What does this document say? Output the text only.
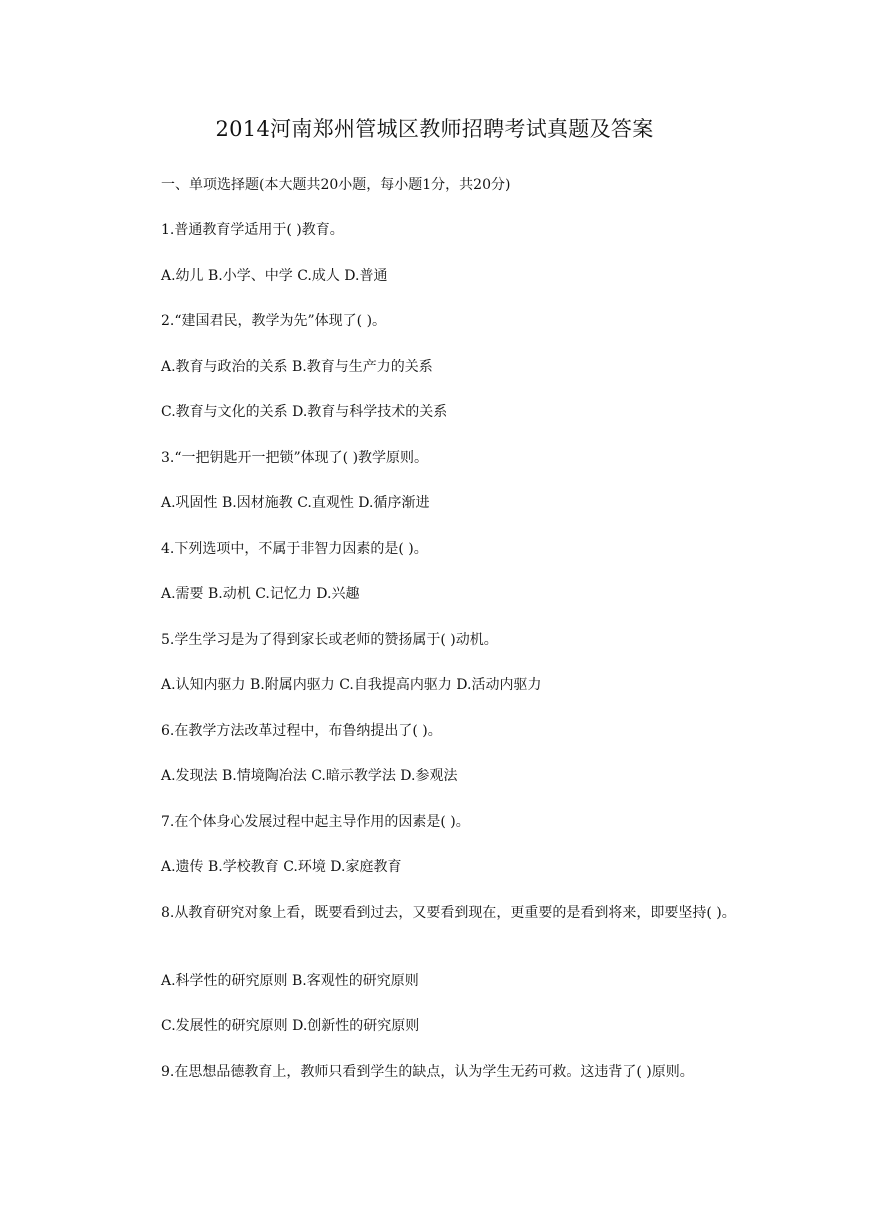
2014河南郑州管城区教师招聘考试真题及答案
一、单项选择题(本大题共20小题，每小题1分，共20分)
1.普通教育学适用于( )教育。
A.幼儿 B.小学、中学 C.成人 D.普通
2.“建国君民，教学为先”体现了( )。
A.教育与政治的关系 B.教育与生产力的关系
C.教育与文化的关系 D.教育与科学技术的关系
3.“一把钥匙开一把锁”体现了( )教学原则。
A.巩固性 B.因材施教 C.直观性 D.循序渐进
4.下列选项中，不属于非智力因素的是( )。
A.需要 B.动机 C.记忆力 D.兴趣
5.学生学习是为了得到家长或老师的赞扬属于( )动机。
A.认知内驱力 B.附属内驱力 C.自我提高内驱力 D.活动内驱力
6.在教学方法改革过程中，布鲁纳提出了( )。
A.发现法 B.情境陶冶法 C.暗示教学法 D.参观法
7.在个体身心发展过程中起主导作用的因素是( )。
A.遗传 B.学校教育 C.环境 D.家庭教育
8.从教育研究对象上看，既要看到过去，又要看到现在，更重要的是看到将来，即要坚持( )。
A.科学性的研究原则 B.客观性的研究原则
C.发展性的研究原则 D.创新性的研究原则
9.在思想品德教育上，教师只看到学生的缺点，认为学生无药可救。这违背了( )原则。
